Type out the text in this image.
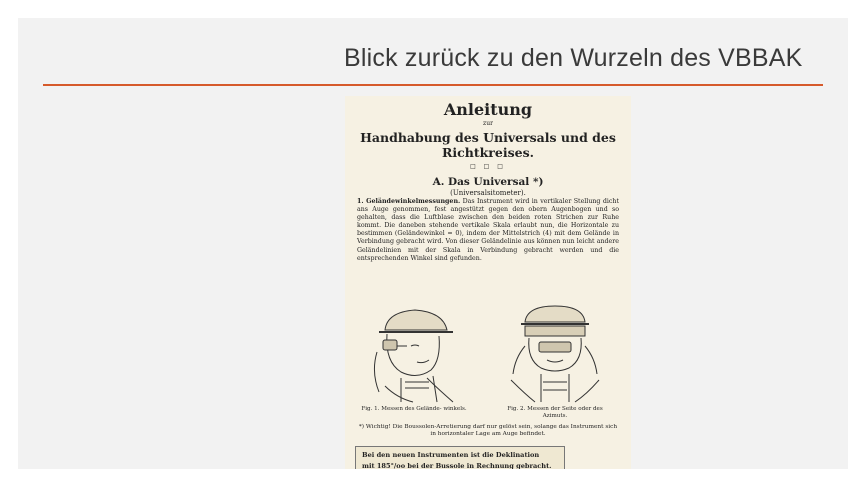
Blick zurück zu den Wurzeln des VBBAK
Anleitung
zur
Handhabung des Universals und des Richtkreises.
□ □ □
A. Das Universal *)
(Universalsitometer).
1. Geländewinkelmessungen. Das Instrument wird in vertikaler Stellung dicht ans Auge genommen, fest angestützt gegen den obern Augenbogen und so gehalten, dass die Luftblase zwischen den beiden roten Strichen zur Ruhe kommt. Die daneben stehende vertikale Skala erlaubt nun, die Horizontale zu bestimmen (Geländewinkel = 0), indem der Mittelstrich (4) mit dem Gelände in Verbindung gebracht wird. Von dieser Geländelinie aus können nun leicht andere Geländelinien mit der Skala in Verbindung gebracht werden und die entsprechenden Winkel sind gefunden.
Fig. 1. Messen des Gelände- winkels.	Fig. 2. Messen der Seite oder des Azimuts.
*) Wichtig! Die Boussolen-Arretierung darf nur gelöst sein, solange das Instrument sich in horizontaler Lage am Auge befindet.
Bei den neuen Instrumenten ist die Deklination
mit 185°/oo bei der Bussole in Rechnung gebracht.
